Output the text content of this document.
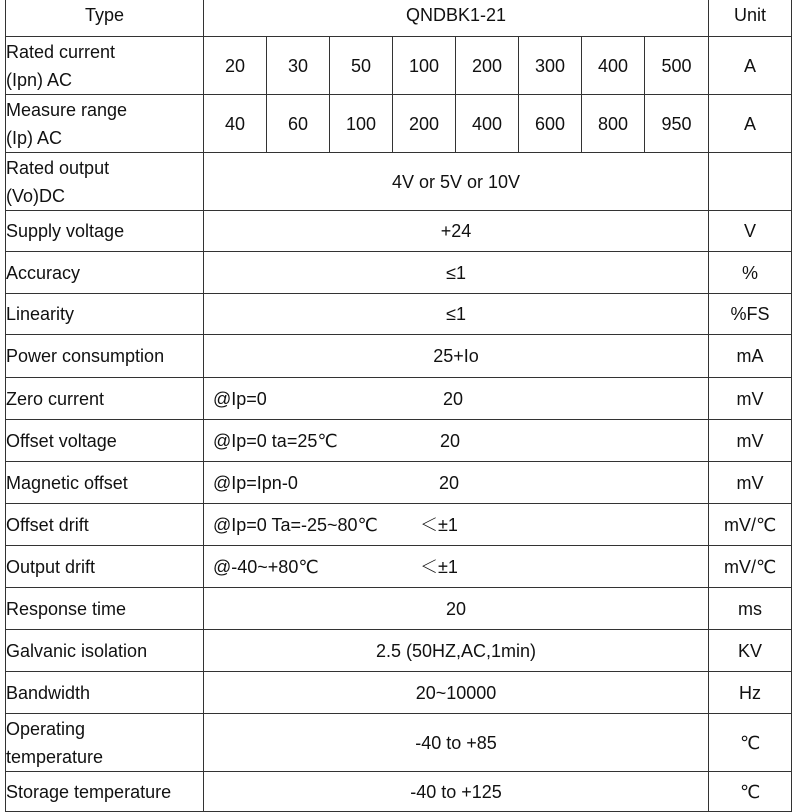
Type	QNDBK1-21								Unit

Rated current
(Ipn) AC	20	30	50	100	200	300	400	500	A

Measure range
(Ip) AC	40	60	100	200	400	600	800	950	A

Rated output
(Vo)DC	4V or 5V or 10V								
Supply voltage	+24								V
Accuracy	≤1								%
Linearity	≤1								%FS
Power consumption	25+Io								mA
Zero current	@Ip=0 20								mV
Offset voltage	@Ip=0 ta=25℃ 20								mV
Magnetic offset	@Ip=Ipn-0 20								mV
Offset drift	@Ip=0 Ta=-25~80℃ ＜±1								mV/℃
Output drift	@-40~+80℃ ＜±1								mV/℃
Response time	20								ms
Galvanic isolation	2.5 (50HZ,AC,1min)								KV
Bandwidth	20~10000								Hz

Operating
temperature	-40 to +85								℃
Storage temperature	-40 to +125								℃
